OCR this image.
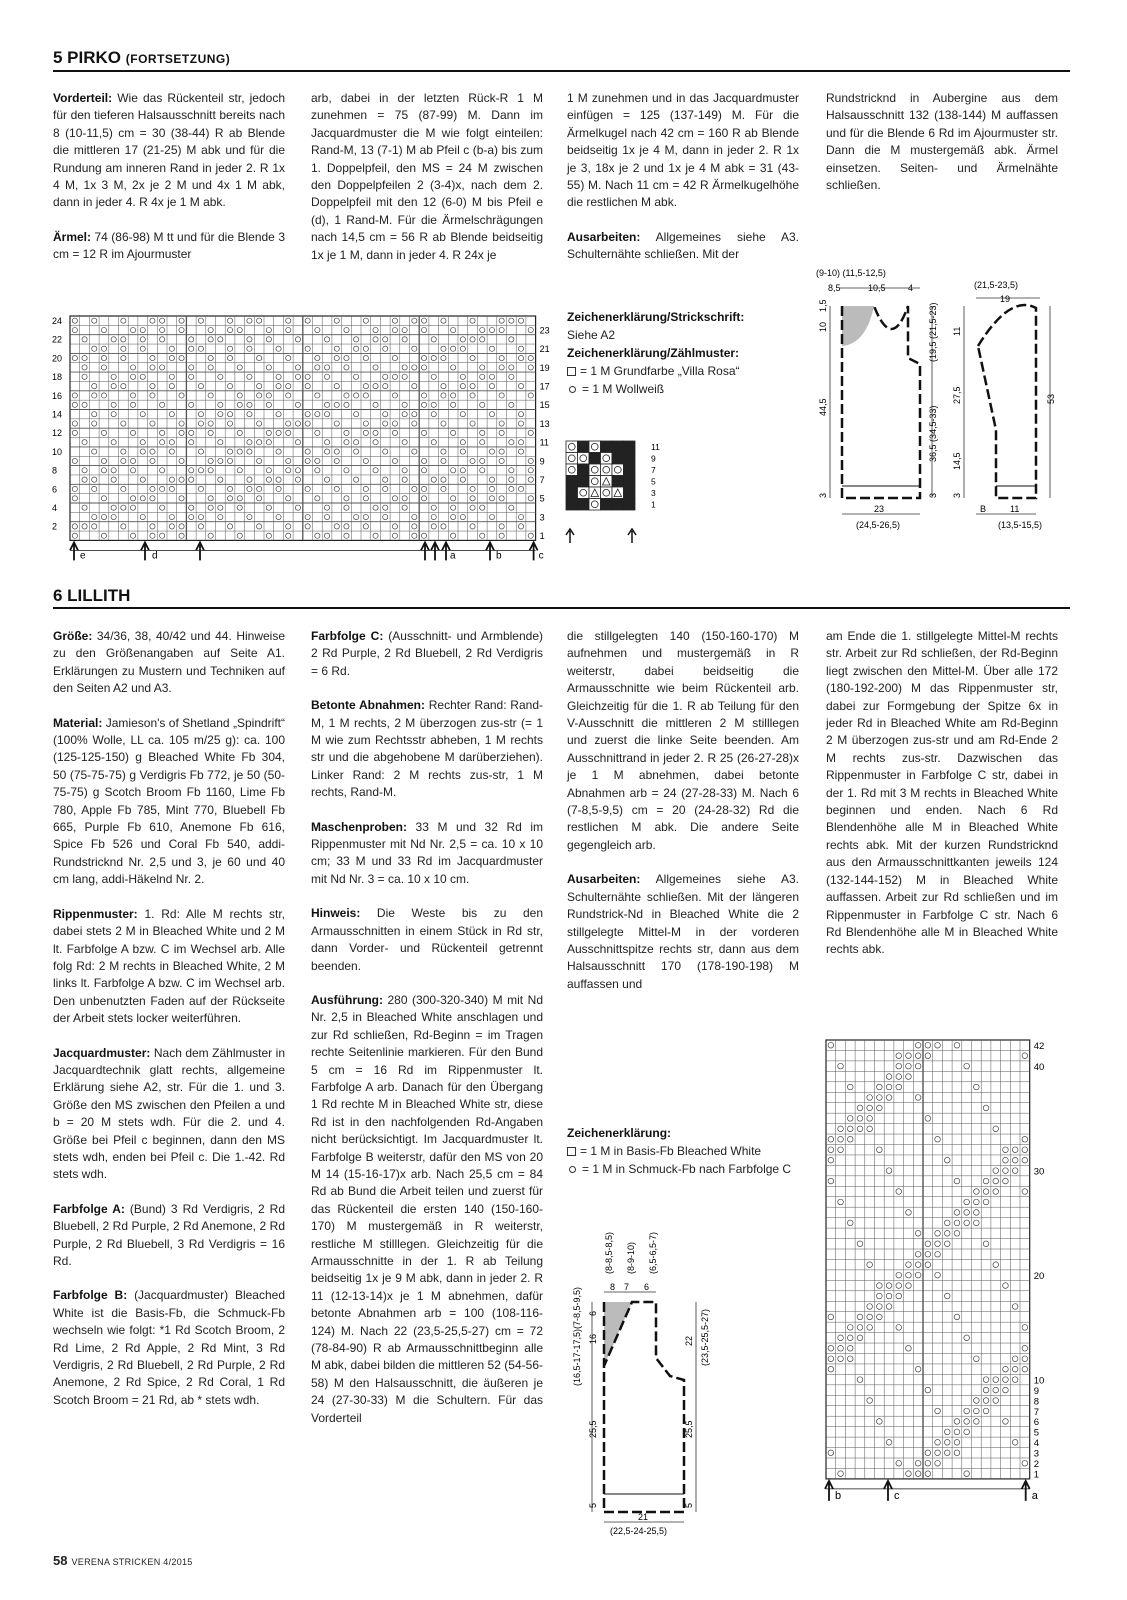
5 PIRKO (FORTSETZUNG)

Vorderteil: Wie das Rückenteil str, jedoch für den tieferen Halsausschnitt bereits nach 8 (10-11,5) cm = 30 (38-44) R ab Blende die mittleren 17 (21-25) M abk und für die Rundung am inneren Rand in jeder 2. R 1x 4 M, 1x 3 M, 2x je 2 M und 4x 1 M abk, dann in jeder 4. R 4x je 1 M abk.

Ärmel: 74 (86-98) M tt und für die Blende 3 cm = 12 R im Ajourmuster

arb, dabei in der letzten Rück-R 1 M zunehmen = 75 (87-99) M. Dann im Jacquardmuster die M wie folgt einteilen: Rand-M, 13 (7-1) M ab Pfeil c (b-a) bis zum 1. Doppelpfeil, den MS = 24 M zwischen den Doppelpfeilen 2 (3-4)x, nach dem 2. Doppelpfeil mit den 12 (6-0) M bis Pfeil e (d), 1 Rand-M. Für die Ärmelschrägungen nach 14,5 cm = 56 R ab Blende beidseitig 1x je 1 M, dann in jeder 4. R 24x je

1 M zunehmen und in das Jacquardmuster einfügen = 125 (137-149) M. Für die Ärmelkugel nach 42 cm = 160 R ab Blende beidseitig 1x je 4 M, dann in jeder 2. R 1x je 3, 18x je 2 und 1x je 4 M abk = 31 (43-55) M. Nach 11 cm = 42 R Ärmelkugelhöhe die restlichen M abk.

Ausarbeiten: Allgemeines siehe A3. Schulternähte schließen. Mit der

Rundstricknd in Aubergine aus dem Halsausschnitt 132 (138-144) M auffassen und für die Blende 6 Rd im Ajourmuster str. Dann die M mustergemäß abk. Ärmel einsetzen. Seiten- und Ärmelnähte schließen.

24
22
20
18
16
14
12
10
8
6
4
2
23
21
19
17
15
13
11
9
7
5
3
1
e	d	a	b	c
Zeichenerklärung/Strickschrift:
Siehe A2
Zeichenerklärung/Zählmuster:
= 1 M Grundfarbe „Villa Rosa“
= 1 M Wollweiß
11
9
7
5
3
1
(9-10) (11,5-12,5)
8,5	10,5 4
1,5
10
44,5
3
(19,5 (21,5-23)
36,5 (34,5-33)
3
23
(24,5-26,5)
(21,5-23,5)
19
11
27,5
14,5
3
53
B	11
(13,5-15,5)
6 LILLITH

Größe: 34/36, 38, 40/42 und 44. Hinweise zu den Größenangaben auf Seite A1. Erklärungen zu Mustern und Techniken auf den Seiten A2 und A3.

Material: Jamieson's of Shetland „Spindrift“ (100% Wolle, LL ca. 105 m/25 g): ca. 100 (125-125-150) g Bleached White Fb 304, 50 (75-75-75) g Verdigris Fb 772, je 50 (50-75-75) g Scotch Broom Fb 1160, Lime Fb 780, Apple Fb 785, Mint 770, Bluebell Fb 665, Purple Fb 610, Anemone Fb 616, Spice Fb 526 und Coral Fb 540, addi-Rundstricknd Nr. 2,5 und 3, je 60 und 40 cm lang, addi-Häkelnd Nr. 2.

Rippenmuster: 1. Rd: Alle M rechts str, dabei stets 2 M in Bleached White und 2 M lt. Farbfolge A bzw. C im Wechsel arb. Alle folg Rd: 2 M rechts in Bleached White, 2 M links lt. Farbfolge A bzw. C im Wechsel arb. Den unbenutzten Faden auf der Rückseite der Arbeit stets locker weiterführen.

Jacquardmuster: Nach dem Zählmuster in Jacquardtechnik glatt rechts, allgemeine Erklärung siehe A2, str. Für die 1. und 3. Größe den MS zwischen den Pfeilen a und b = 20 M stets wdh. Für die 2. und 4. Größe bei Pfeil c beginnen, dann den MS stets wdh, enden bei Pfeil c. Die 1.-42. Rd stets wdh.

Farbfolge A: (Bund) 3 Rd Verdigris, 2 Rd Bluebell, 2 Rd Purple, 2 Rd Anemone, 2 Rd Purple, 2 Rd Bluebell, 3 Rd Verdigris = 16 Rd.

Farbfolge B: (Jacquardmuster) Bleached White ist die Basis-Fb, die Schmuck-Fb wechseln wie folgt: *1 Rd Scotch Broom, 2 Rd Lime, 2 Rd Apple, 2 Rd Mint, 3 Rd Verdigris, 2 Rd Bluebell, 2 Rd Purple, 2 Rd Anemone, 2 Rd Spice, 2 Rd Coral, 1 Rd Scotch Broom = 21 Rd, ab * stets wdh.

Farbfolge C: (Ausschnitt- und Armblende) 2 Rd Purple, 2 Rd Bluebell, 2 Rd Verdigris = 6 Rd.

Betonte Abnahmen: Rechter Rand: Rand-M, 1 M rechts, 2 M überzogen zus-str (= 1 M wie zum Rechtsstr abheben, 1 M rechts str und die abgehobene M darüberziehen). Linker Rand: 2 M rechts zus-str, 1 M rechts, Rand-M.

Maschenproben: 33 M und 32 Rd im Rippenmuster mit Nd Nr. 2,5 = ca. 10 x 10 cm; 33 M und 33 Rd im Jacquardmuster mit Nd Nr. 3 = ca. 10 x 10 cm.

Hinweis: Die Weste bis zu den Armausschnitten in einem Stück in Rd str, dann Vorder- und Rückenteil getrennt beenden.

Ausführung: 280 (300-320-340) M mit Nd Nr. 2,5 in Bleached White anschlagen und zur Rd schließen, Rd-Beginn = im Tragen rechte Seitenlinie markieren. Für den Bund 5 cm = 16 Rd im Rippenmuster lt. Farbfolge A arb. Danach für den Übergang 1 Rd rechte M in Bleached White str, diese Rd ist in den nachfolgenden Rd-Angaben nicht berücksichtigt. Im Jacquardmuster lt. Farbfolge B weiterstr, dafür den MS von 20 M 14 (15-16-17)x arb. Nach 25,5 cm = 84 Rd ab Bund die Arbeit teilen und zuerst für das Rückenteil die ersten 140 (150-160-170) M mustergemäß in R weiterstr, restliche M stilllegen. Gleichzeitig für die Armausschnitte in der 1. R ab Teilung beidseitig 1x je 9 M abk, dann in jeder 2. R 11 (12-13-14)x je 1 M abnehmen, dafür betonte Abnahmen arb = 100 (108-116-124) M. Nach 22 (23,5-25,5-27) cm = 72 (78-84-90) R ab Armausschnittbeginn alle M abk, dabei bilden die mittleren 52 (54-56-58) M den Halsausschnitt, die äußeren je 24 (27-30-33) M die Schultern. Für das Vorderteil

die stillgelegten 140 (150-160-170) M aufnehmen und mustergemäß in R weiterstr, dabei beidseitig die Armausschnitte wie beim Rückenteil arb. Gleichzeitig für die 1. R ab Teilung für den V-Ausschnitt die mittleren 2 M stilllegen und zuerst die linke Seite beenden. Am Ausschnittrand in jeder 2. R 25 (26-27-28)x je 1 M abnehmen, dabei betonte Abnahmen arb = 24 (27-28-33) M. Nach 6 (7-8,5-9,5) cm = 20 (24-28-32) Rd die restlichen M abk. Die andere Seite gegengleich arb.

Ausarbeiten: Allgemeines siehe A3. Schulternähte schließen. Mit der längeren Rundstrick-Nd in Bleached White die 2 stillgelegte Mittel-M in der vorderen Ausschnittspitze rechts str, dann aus dem Halsausschnitt 170 (178-190-198) M auffassen und

am Ende die 1. stillgelegte Mittel-M rechts str. Arbeit zur Rd schließen, der Rd-Beginn liegt zwischen den Mittel-M. Über alle 172 (180-192-200) M das Rippenmuster str, dabei zur Formgebung der Spitze 6x in jeder Rd in Bleached White am Rd-Beginn 2 M überzogen zus-str und am Rd-Ende 2 M rechts zus-str. Dazwischen das Rippenmuster in Farbfolge C str, dabei in der 1. Rd mit 3 M rechts in Bleached White beginnen und enden. Nach 6 Rd Blendenhöhe alle M in Bleached White rechts abk. Mit der kurzen Rundstricknd aus den Armausschnittkanten jeweils 124 (132-144-152) M in Bleached White auffassen. Arbeit zur Rd schließen und im Rippenmuster in Farbfolge C str. Nach 6 Rd Blendenhöhe alle M in Bleached White rechts abk.

Zeichenerklärung:
= 1 M in Basis-Fb Bleached White
= 1 M in Schmuck-Fb nach Farbfolge C
(8-8,5-8,5) (8-9-10) (6,5-6,5-7)
8 7 6
(16,5-17-17,5)(7-8,5-9,5) 16
6
25,5
5
22 (23,5-25,5-27)
25,5
5
21
(22,5-24-25,5)
42
40
30
20
10
9
8
7
6
5
4
3
2
1
b	c	a
58 VERENA STRICKEN 4/2015
